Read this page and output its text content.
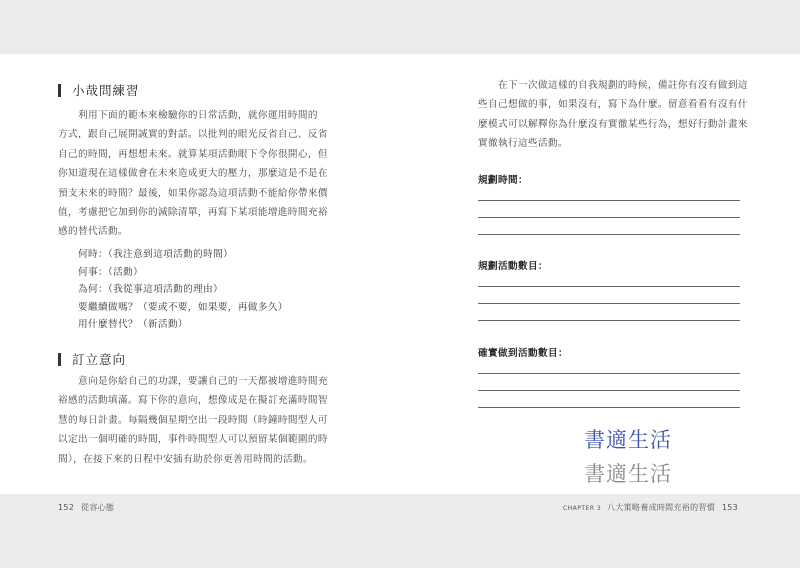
小哉問練習
利用下面的範本來檢驗你的日常活動，就你運用時間的
方式，跟自己展開誠實的對話。以批判的眼光反省自己、反省
自己的時間，再想想未來。就算某項活動眼下令你很開心，但
你知道現在這樣做會在未來造成更大的壓力，那麼這是不是在
預支未來的時間？最後，如果你認為這項活動不能給你帶來價
值，考慮把它加到你的減除清單，再寫下某項能增進時間充裕
感的替代活動。
何時：（我注意到這項活動的時間）
何事：（活動）
為何：（我從事這項活動的理由）
要繼續做嗎？（要或不要，如果要，再做多久）
用什麼替代？（新活動）
訂立意向
意向是你給自己的功課，要讓自己的一天都被增進時間充
裕感的活動填滿。寫下你的意向，想像成是在擬訂充滿時間智
慧的每日計畫。每隔幾個星期空出一段時間（時鐘時間型人可
以定出一個明確的時間，事件時間型人可以預留某個範圍的時
間），在接下來的日程中安插有助於你更善用時間的活動。
在下一次做這樣的自我規劃的時候，備註你有沒有做到這
些自己想做的事，如果沒有，寫下為什麼。留意看看有沒有什
麼模式可以解釋你為什麼沒有實徹某些行為，想好行動計畫來
實徹執行這些活動。
規劃時間：
規劃活動數目：
確實做到活動數目：
書適生活
書適生活
152 從容心態	CHAPTER 3 八大策略養成時間充裕的習慣 153
